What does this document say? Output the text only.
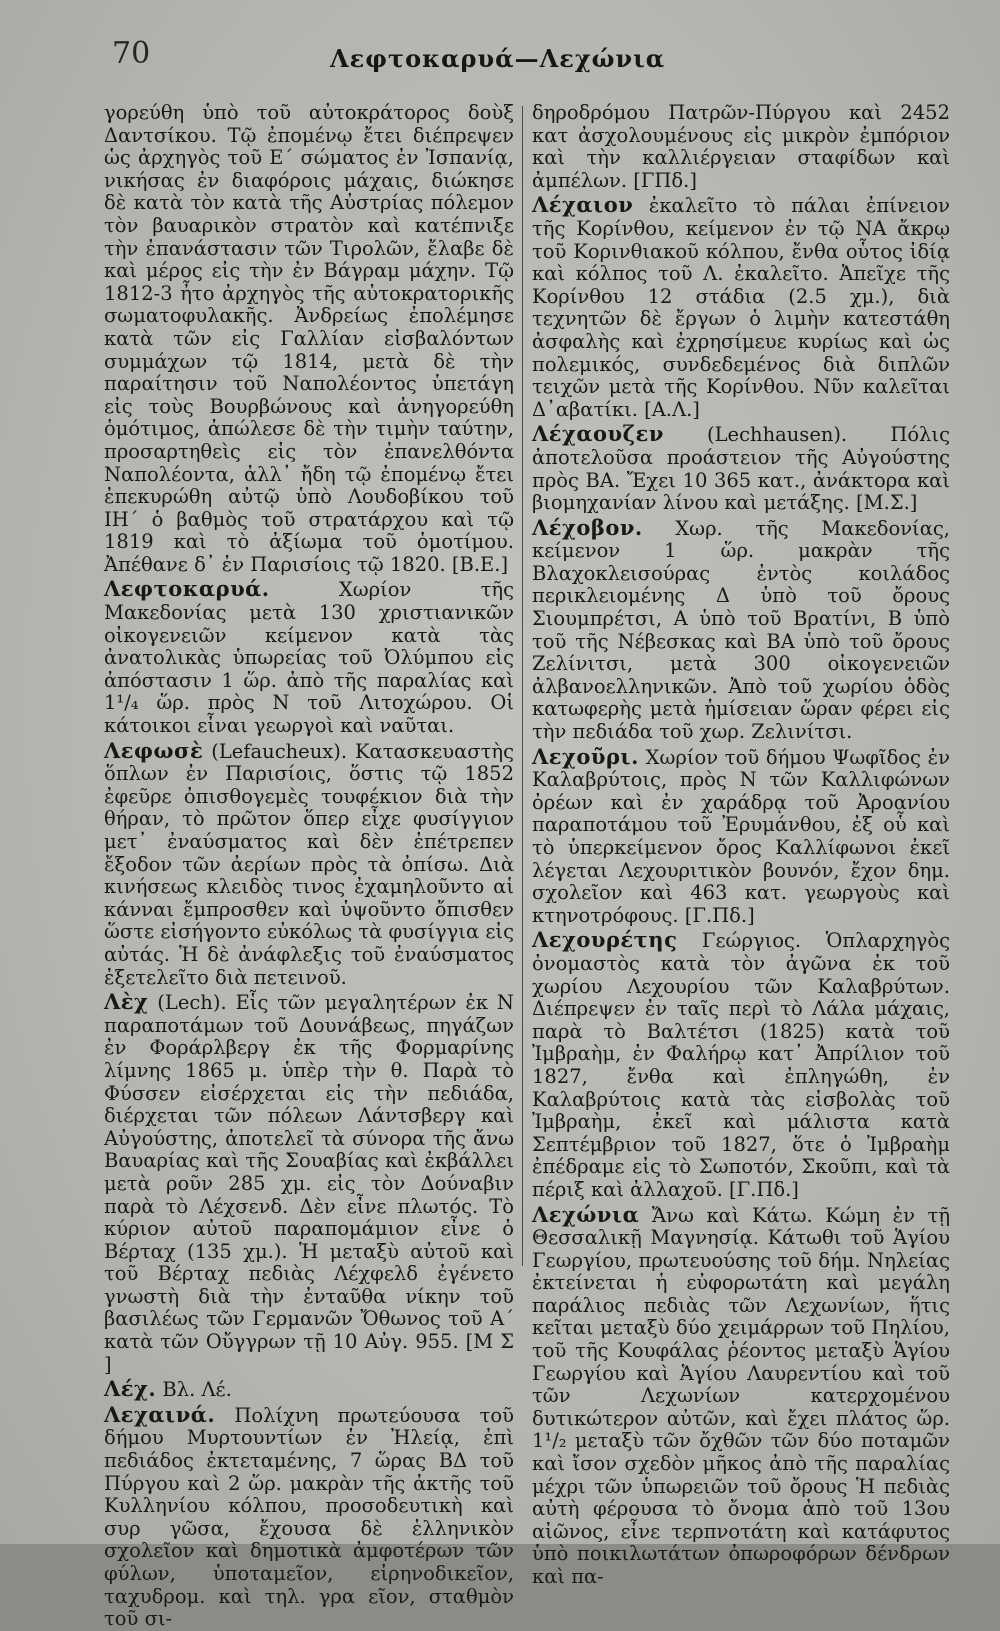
70	Λεφτοκαρυά—Λεχώνια

γορεύθη ὑπὸ τοῦ αὐτοκράτορος δοὺξ Δαντσίκου. Τῷ ἐπομένῳ ἔτει διέπρεψεν ὡς ἀρχηγὸς τοῦ Ε΄ σώματος ἐν Ἰσπανίᾳ, νικήσας ἐν διαφόροις μάχαις, διώκησε δὲ κατὰ τὸν κατὰ τῆς Αὐστρίας πόλεμον τὸν βαυαρικὸν στρατὸν καὶ κατέπνιξε τὴν ἐπανάστασιν τῶν Τιρολῶν, ἔλαβε δὲ καὶ μέρος εἰς τὴν ἐν Βάγραμ μάχην. Τῷ 1812-3 ἦτο ἀρχηγὸς τῆς αὐτοκρατορικῆς σωματοφυλακῆς. Ἀνδρείως ἐπολέμησε κατὰ τῶν εἰς Γαλλίαν εἰσβαλόντων συμμάχων τῷ 1814, μετὰ δὲ τὴν παραίτησιν τοῦ Ναπολέοντος ὑπετάγη εἰς τοὺς Βουρβώνους καὶ ἀνηγορεύθη ὁμότιμος, ἀπώλεσε δὲ τὴν τιμὴν ταύτην, προσαρτηθεὶς εἰς τὸν ἐπανελθόντα Ναπολέοντα, ἀλλ᾽ ἤδη τῷ ἐπομένῳ ἔτει ἐπεκυρώθη αὐτῷ ὑπὸ Λουδοβίκου τοῦ ΙΗ΄ ὁ βαθμὸς τοῦ στρατάρχου καὶ τῷ 1819 καὶ τὸ ἀξίωμα τοῦ ὁμοτίμου. Ἀπέθανε δ᾽ ἐν Παρισίοις τῷ 1820. [Β.Ε.]

Λεφτοκαρυά. Χωρίον τῆς Μακεδονίας μετὰ 130 χριστιανικῶν οἰκογενειῶν κείμενον κατὰ τὰς ἀνατολικὰς ὑπωρείας τοῦ Ὀλύμπου εἰς ἀπόστασιν 1 ὥρ. ἀπὸ τῆς παραλίας καὶ 1¹/₄ ὥρ. πρὸς Ν τοῦ Λιτοχώρου. Οἱ κάτοικοι εἶναι γεωργοὶ καὶ ναῦται.

Λεφωσὲ (Lefaucheux). Κατασκευαστὴς ὅπλων ἐν Παρισίοις, ὅστις τῷ 1852 ἐφεῦρε ὀπισθογεμὲς τουφέκιον διὰ τὴν θήραν, τὸ πρῶτον ὅπερ εἶχε φυσίγγιον μετ᾽ ἐναύσματος καὶ δὲν ἐπέτρεπεν ἔξοδον τῶν ἀερίων πρὸς τὰ ὀπίσω. Διὰ κινήσεως κλειδὸς τινος ἐχαμηλοῦντο αἱ κάνναι ἔμπροσθεν καὶ ὑψοῦντο ὄπισθεν ὥστε εἰσήγοντο εὐκόλως τὰ φυσίγγια εἰς αὐτάς. Ἡ δὲ ἀνάφλεξις τοῦ ἐναύσματος ἐξετελεῖτο διὰ πετεινοῦ.

Λὲχ (Lech). Εἷς τῶν μεγαλητέρων ἐκ Ν παραποτάμων τοῦ Δουνάβεως, πηγάζων ἐν Φοράρλβεργ ἐκ τῆς Φορμαρίνης λίμνης 1865 μ. ὑπὲρ τὴν θ. Παρὰ τὸ Φύσσεν εἰσέρχεται εἰς τὴν πεδιάδα, διέρχεται τῶν πόλεων Λάντσβεργ καὶ Αὐγούστης, ἀποτελεῖ τὰ σύνορα τῆς ἄνω Βαυαρίας καὶ τῆς Σουαβίας καὶ ἐκβάλλει μετὰ ροῦν 285 χμ. εἰς τὸν Δούναβιν παρὰ τὸ Λέχσενδ. Δὲν εἶνε πλωτός. Τὸ κύριον αὐτοῦ παραπομάμιον εἶνε ὁ Βέρταχ (135 χμ.). Ἡ μεταξὺ αὐτοῦ καὶ τοῦ Βέρταχ πεδιὰς Λέχφελδ ἐγένετο γνωστὴ διὰ τὴν ἐνταῦθα νίκην τοῦ βασιλέως τῶν Γερμανῶν Ὄθωνος τοῦ Α΄ κατὰ τῶν Οὔγγρων τῇ 10 Αὐγ. 955. [Μ Σ ]

Λέχ. Βλ. Λέ.

Λεχαινά. Πολίχνη πρωτεύουσα τοῦ δήμου Μυρτουντίων ἐν Ἠλείᾳ, ἐπὶ πεδιάδος ἐκτεταμένης, 7 ὥρας ΒΔ τοῦ Πύργου καὶ 2 ὥρ. μακρὰν τῆς ἀκτῆς τοῦ Κυλληνίου κόλπου, προσοδευτικὴ καὶ συρ γῶσα, ἔχουσα δὲ ἑλληνικὸν σχολεῖον καὶ δημοτικὰ ἀμφοτέρων τῶν φύλων, ὑποταμεῖον, εἰρηνοδικεῖον, ταχυδρομ. καὶ τηλ. γρα εῖον, σταθμὸν τοῦ σι-

δηροδρόμου Πατρῶν-Πύργου καὶ 2452 κατ ἀσχολουμένους εἰς μικρὸν ἐμπόριον καὶ τὴν καλλιέργειαν σταφίδων καὶ ἀμπέλων. [ΓΠδ.]

Λέχαιον ἐκαλεῖτο τὸ πάλαι ἐπίνειον τῆς Κορίνθου, κείμενον ἐν τῷ ΝΑ ἄκρῳ τοῦ Κορινθιακοῦ κόλπου, ἔνθα οὗτος ἰδίᾳ καὶ κόλπος τοῦ Λ. ἐκαλεῖτο. Ἀπεῖχε τῆς Κορίνθου 12 στάδια (2.5 χμ.), διὰ τεχνητῶν δὲ ἔργων ὁ λιμὴν κατεστάθη ἀσφαλὴς καὶ ἐχρησίμευε κυρίως καὶ ὡς πολεμικός, συνδεδεμένος διὰ διπλῶν τειχῶν μετὰ τῆς Κορίνθου. Νῦν καλεῖται Δ᾽αβατίκι. [Α.Λ.]

Λέχαουζεν (Lechhausen). Πόλις ἀποτελοῦσα προάστειον τῆς Αὐγούστης πρὸς ΒΑ. Ἔχει 10 365 κατ., ἀνάκτορα καὶ βιομηχανίαν λίνου καὶ μετάξης. [Μ.Σ.]

Λέχοβον. Χωρ. τῆς Μακεδονίας, κείμενον 1 ὥρ. μακρὰν τῆς Βλαχοκλεισούρας ἐντὸς κοιλάδος περικλειομένης Δ ὑπὸ τοῦ ὄρους Σιουμπρέτσι, Α ὑπὸ τοῦ Βρατίνι, Β ὑπὸ τοῦ τῆς Νέβεσκας καὶ ΒΑ ὑπὸ τοῦ ὄρους Ζελίνιτσι, μετὰ 300 οἰκογενειῶν ἀλβανοελληνικῶν. Ἀπὸ τοῦ χωρίου ὁδὸς κατωφερὴς μετὰ ἡμίσειαν ὥραν φέρει εἰς τὴν πεδιάδα τοῦ χωρ. Ζελινίτσι.

Λεχοῦρι. Χωρίον τοῦ δήμου Ψωφῖδος ἐν Καλαβρύτοις, πρὸς Ν τῶν Καλλιφώνων ὀρέων καὶ ἐν χαράδρᾳ τοῦ Ἀροανίου παραποτάμου τοῦ Ἐρυμάνθου, ἐξ οὗ καὶ τὸ ὑπερκείμενον ὄρος Καλλίφωνοι ἐκεῖ λέγεται Λεχουριτικὸν βουνόν, ἔχον δημ. σχολεῖον καὶ 463 κατ. γεωργοὺς καὶ κτηνοτρόφους. [Γ.Πδ.]

Λεχουρέτης Γεώργιος. Ὁπλαρχηγὸς ὀνομαστὸς κατὰ τὸν ἀγῶνα ἐκ τοῦ χωρίου Λεχουρίου τῶν Καλαβρύτων. Διέπρεψεν ἐν ταῖς περὶ τὸ Λάλα μάχαις, παρὰ τὸ Βαλτέτσι (1825) κατὰ τοῦ Ἰμβραὴμ, ἐν Φαλήρῳ κατ᾽ Ἀπρίλιον τοῦ 1827, ἔνθα καὶ ἐπληγώθη, ἐν Καλαβρύτοις κατὰ τὰς εἰσβολὰς τοῦ Ἰμβραὴμ, ἐκεῖ καὶ μάλιστα κατὰ Σεπτέμβριον τοῦ 1827, ὅτε ὁ Ἰμβραὴμ ἐπέδραμε εἰς τὸ Σωποτόν, Σκοῦπι, καὶ τὰ πέριξ καὶ ἀλλαχοῦ. [Γ.Πδ.]

Λεχώνια Ἄνω καὶ Κάτω. Κώμη ἐν τῇ Θεσσαλικῇ Μαγνησίᾳ. Κάτωθι τοῦ Ἁγίου Γεωργίου, πρωτευούσης τοῦ δήμ. Νηλείας ἐκτείνεται ἡ εὐφορωτάτη καὶ μεγάλη παράλιος πεδιὰς τῶν Λεχωνίων, ἥτις κεῖται μεταξὺ δύο χειμάρρων τοῦ Πηλίου, τοῦ τῆς Κουφάλας ῥέοντος μεταξὺ Ἁγίου Γεωργίου καὶ Ἁγίου Λαυρεντίου καὶ τοῦ τῶν Λεχωνίων κατερχομένου δυτικώτερον αὐτῶν, καὶ ἔχει πλάτος ὥρ. 1¹/₂ μεταξὺ τῶν ὄχθῶν τῶν δύο ποταμῶν καὶ ἴσον σχεδὸν μῆκος ἀπὸ τῆς παραλίας μέχρι τῶν ὑπωρειῶν τοῦ ὄρους Ἡ πεδιὰς αὐτὴ φέρουσα τὸ ὄνομα ἀπὸ τοῦ 13ου αἰῶνος, εἶνε τερπνοτάτη καὶ κατάφυτος ὑπὸ ποικιλωτάτων ὀπωροφόρων δένδρων καὶ πα-
